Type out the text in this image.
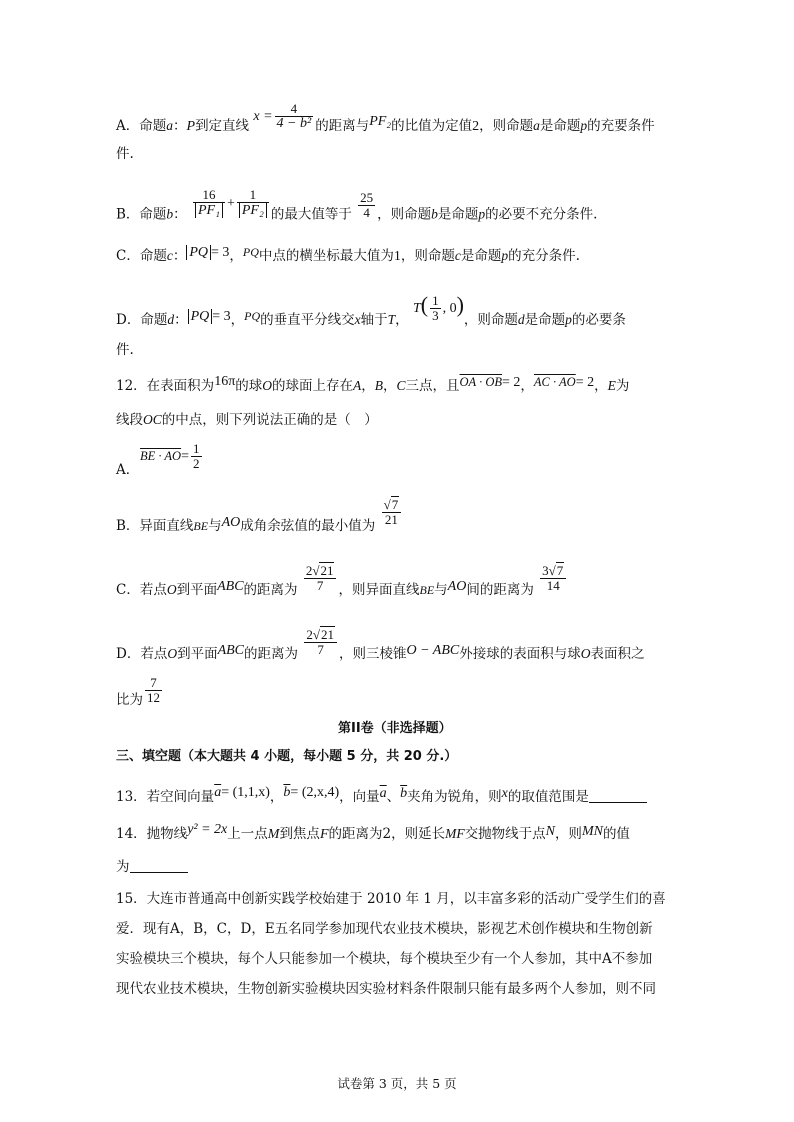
A．命题a：P到定直线 $x = \frac{4}{\text{4 − b²}}$ 的距离与PF₂的比值为定值2，则命题a是命题p的充要条件
件.
B．命题b： $\frac{16}{\text{PF₁}} + \frac{1}{\text{PF₂}}$ 的最大值等于 $\frac{25}{4}$ ，则命题b是命题p的必要不充分条件.
C．命题c： PQ = 3，PQ中点的横坐标最大值为1，则命题c是命题p的充分条件.
D．命题d： PQ = 3，PQ的垂直平分线交x轴于T， $T( \frac{1}{3}$ , 0)，则命题d是命题p的必要条
件.
12．在表面积为16π的球O的球面上存在A，B，C三点，且OA · OB= 2，AC · AO= 2，E为
线段OC的中点，则下列说法正确的是（　）
A．
BE · $AO= \frac{1}{2}$
B．异面直线BE与AO成角余弦值的最小值为 $\frac{√7}{21}$
C．若点O到平面ABC的距离为 $\frac{2√21}{7}$ ，则异面直线BE与AO间的距离为 $\frac{3√7}{14}$
D．若点O到平面ABC的距离为 $\frac{2√21}{7}$ ，则三棱锥O − ABC外接球的表面积与球O表面积之
比为 $\frac{7}{12}$
第II卷（非选择题）
三、填空题（本大题共 4 小题，每小题 5 分，共 20 分.）
13．若空间向量$\overline{a}= (1,1,x)$，$\overline{b}= (2,x,4)$，向量$\overline{a}$、$\overline{b}$夹角为锐角，则x的取值范围是
14．抛物线y² = 2x上一点M到焦点F的距离为2，则延长MF交抛物线于点N，则MN的值
为
15．大连市普通高中创新实践学校始建于 2010 年 1 月，以丰富多彩的活动广受学生们的喜
爱．现有A，B，C，D，E五名同学参加现代农业技术模块，影视艺术创作模块和生物创新
实验模块三个模块，每个人只能参加一个模块，每个模块至少有一个人参加，其中A不参加
现代农业技术模块，生物创新实验模块因实验材料条件限制只能有最多两个人参加，则不同
试卷第 3 页，共 5 页
